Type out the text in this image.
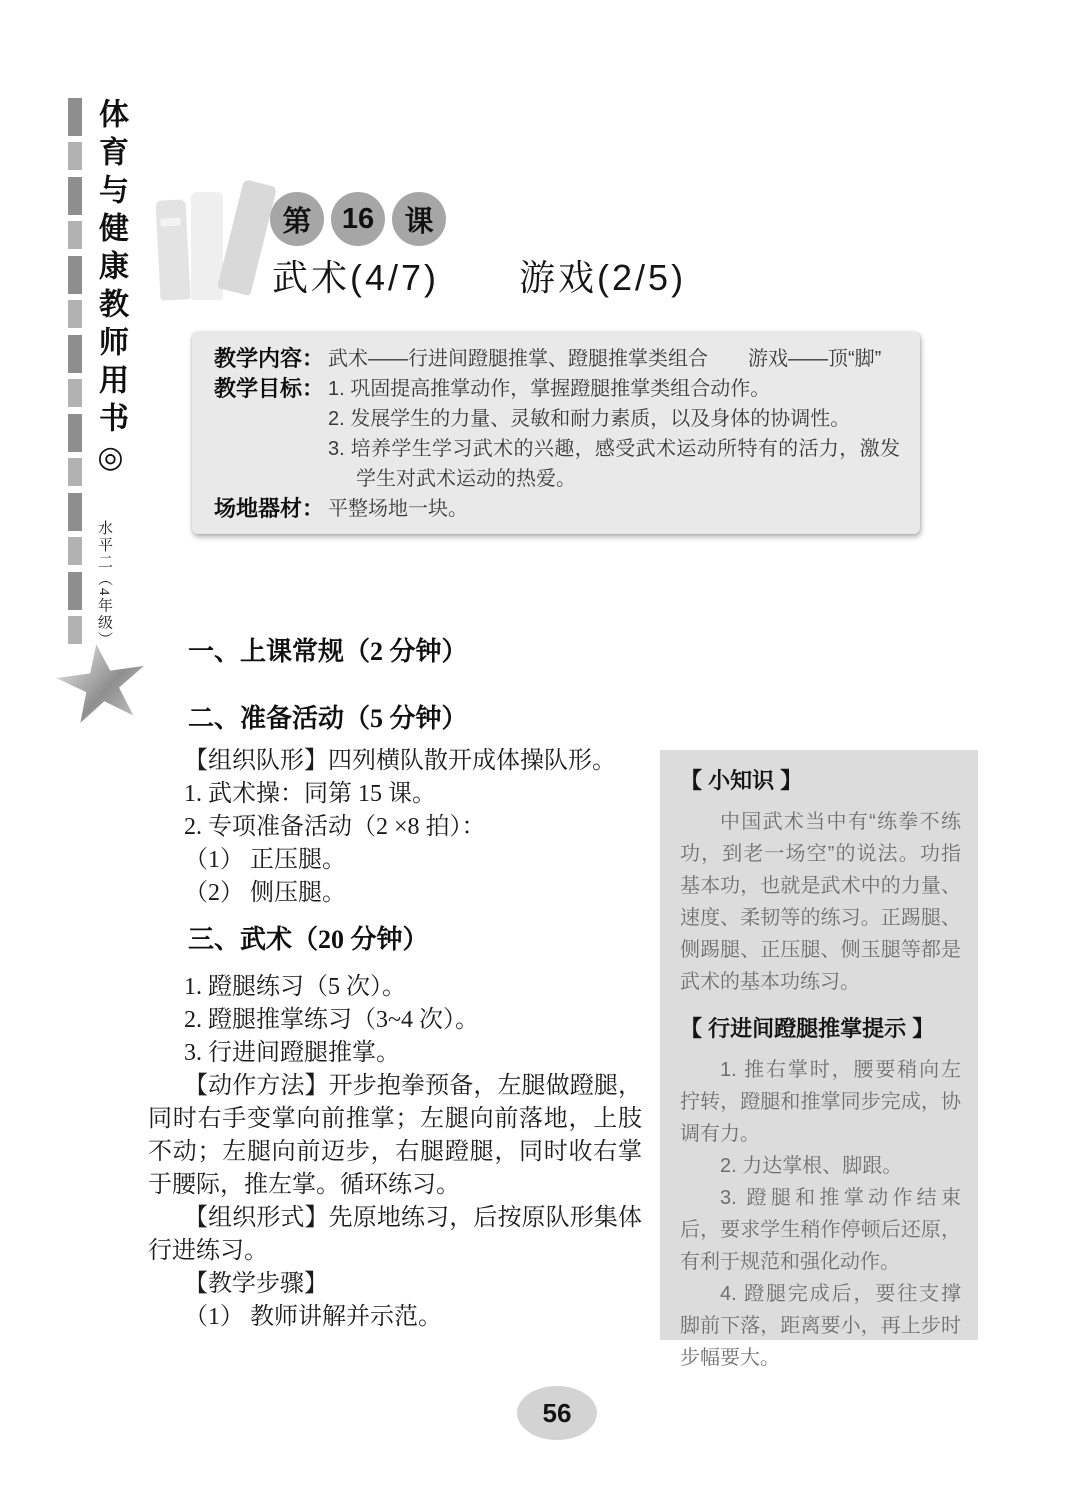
体育与健康教师用书◎
水平二（4年级）
第	16	课
武术(4/7) 游戏(2/5)
教学内容： 武术——行进间蹬腿推掌、蹬腿推掌类组合　　游戏——顶“脚”

教学目标： 1. 巩固提高推掌动作，掌握蹬腿推掌类组合动作。

2. 发展学生的力量、灵敏和耐力素质，以及身体的协调性。

3. 培养学生学习武术的兴趣，感受武术运动所特有的活力，激发学生对武术运动的热爱。

场地器材： 平整场地一块。

一、上课常规（2 分钟）
二、准备活动（5 分钟）

【组织队形】四列横队散开成体操队形。

1. 武术操：同第 15 课。

2. 专项准备活动（2 ×8 拍）：

（1） 正压腿。

（2） 侧压腿。

三、武术（20 分钟）

1. 蹬腿练习（5 次）。

2. 蹬腿推掌练习（3~4 次）。

3. 行进间蹬腿推掌。

【动作方法】开步抱拳预备，左腿做蹬腿，同时右手变掌向前推掌；左腿向前落地，上肢不动；左腿向前迈步，右腿蹬腿，同时收右掌于腰际，推左掌。循环练习。

【组织形式】先原地练习，后按原队形集体行进练习。

【教学步骤】

（1） 教师讲解并示范。

【 小知识 】

中国武术当中有“练拳不练功，到老一场空”的说法。功指基本功，也就是武术中的力量、速度、柔韧等的练习。正踢腿、侧踢腿、正压腿、侧玉腿等都是武术的基本功练习。

【 行进间蹬腿推掌提示 】

1. 推右掌时，腰要稍向左拧转，蹬腿和推掌同步完成，协调有力。

2. 力达掌根、脚跟。

3. 蹬腿和推掌动作结束后，要求学生稍作停顿后还原，有利于规范和强化动作。

4. 蹬腿完成后，要往支撑脚前下落，距离要小，再上步时步幅要大。

56
